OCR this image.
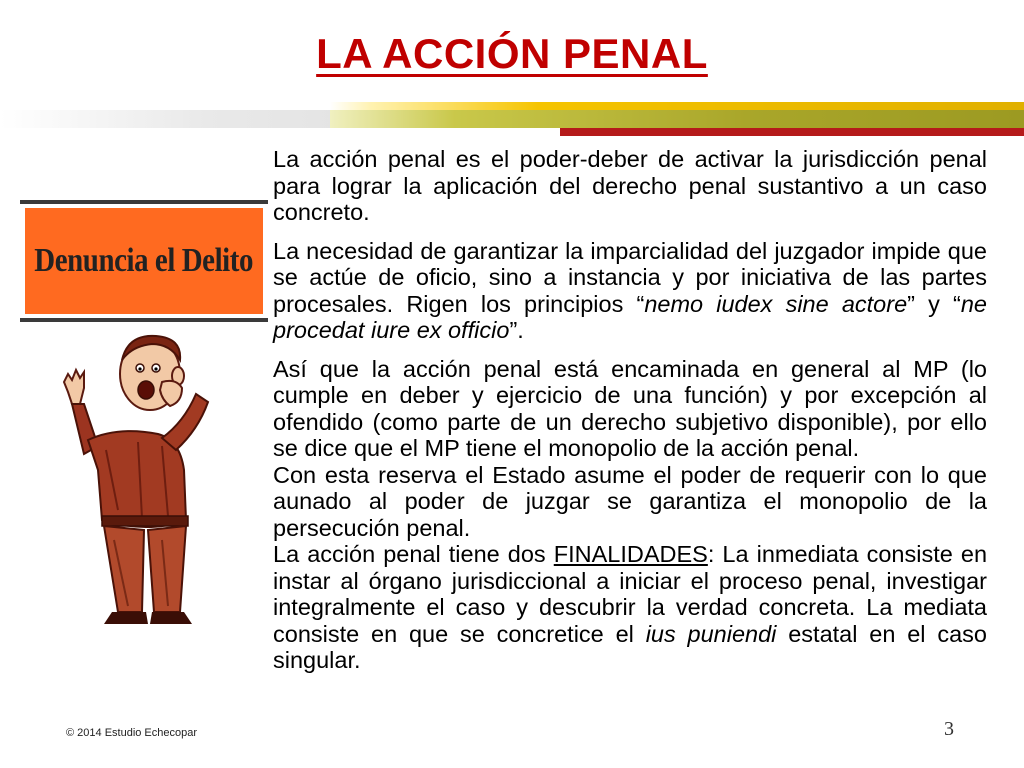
LA ACCIÓN PENAL
Denuncia el Delito

La acción penal es el poder-deber de activar la jurisdicción penal para lograr la aplicación del derecho penal sustantivo a un caso concreto.

La necesidad de garantizar la imparcialidad del juzgador impide que se actúe de oficio, sino a instancia y por iniciativa de las partes procesales. Rigen los principios “nemo iudex sine actore” y “ne procedat iure ex officio”.

Así que la acción penal está encaminada en general al MP (lo cumple en deber y ejercicio de una función) y por excepción al ofendido (como parte de un derecho subjetivo disponible), por ello se dice que el MP tiene el monopolio de la acción penal.

Con esta reserva el Estado asume el poder de requerir con lo que aunado al poder de juzgar se garantiza el monopolio de la persecución penal.

La acción penal tiene dos FINALIDADES: La inmediata consiste en instar al órgano jurisdiccional a iniciar el proceso penal, investigar integralmente el caso y descubrir la verdad concreta. La mediata consiste en que se concretice el ius puniendi estatal en el caso singular.

© 2014 Estudio Echecopar	3
